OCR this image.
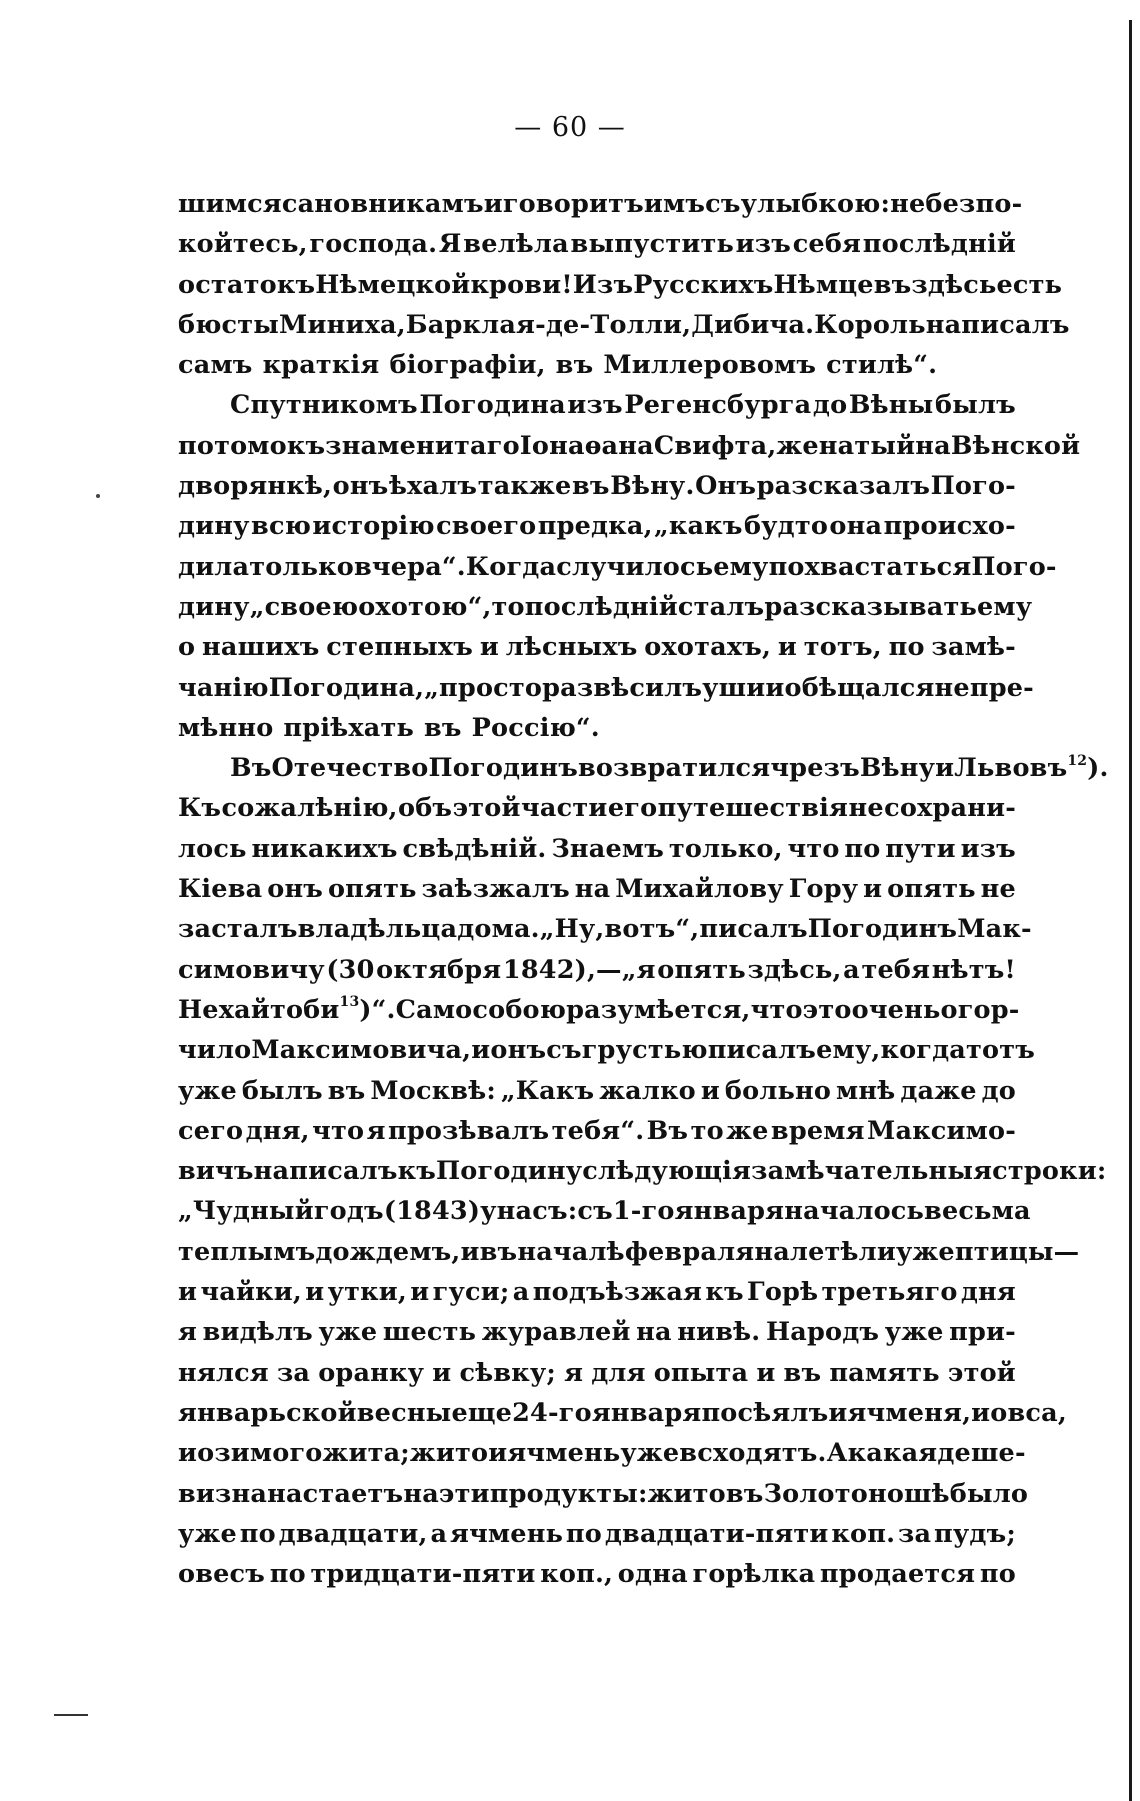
— 60 —
шимся сановникамъ и говоритъ имъ съ улыбкою: не безпо-
койтесь, господа. Я велѣла выпустить изъ себя послѣдній
остатокъ Нѣмецкой крови! Изъ Русскихъ Нѣмцевъ здѣсь есть
бюсты Миниха, Барклая-де-Толли, Дибича. Король написалъ
самъ краткія біографіи, въ Миллеровомъ стилѣ“.
Спутникомъ Погодина изъ Регенсбурга до Вѣны былъ
потомокъ знаменитаго Іонаѳана Свифта, женатый на Вѣнской
дворянкѣ, онъ ѣхалъ также въ Вѣну. Онъ разсказалъ Пого-
дину всю исторію своего предка, „какъ будто она происхо-
дила только вчера“. Когда случилось ему похвастаться Пого-
дину „своею охотою“, то послѣдній сталъ разсказывать ему
о нашихъ степныхъ и лѣсныхъ охотахъ, и тотъ, по замѣ-
чанію Погодина, „просто развѣсилъ уши и обѣщался непре-
мѣнно пріѣхать въ Россію“.
Въ Отечество Погодинъ возвратился чрезъ Вѣну и Львовъ $^{12}$).
Къ сожалѣнію, объ этой части его путешествія не сохрани-
лось никакихъ свѣдѣній. Знаемъ только, что по пути изъ
Кіева онъ опять заѣзжалъ на Михайлову Гору и опять не
засталъ владѣльца дома. „Ну, вотъ“, писалъ Погодинъ Мак-
симовичу (30 октября 1842),—„я опять здѣсь, а тебя нѣтъ!
Нехай тоби $^{13}$)“. Само собою разумѣется, что это очень огор-
чило Максимовича, и онъ съ грустью писалъ ему, когда тотъ
уже былъ въ Москвѣ: „Какъ жалко и больно мнѣ даже до
сего дня, что я прозѣвалъ тебя“. Въ то же время Максимо-
вичъ написалъ къ Погодину слѣдующія замѣчательныя строки:
„Чудный годъ (1843) у насъ: съ 1-го января началось весьма
теплымъ дождемъ, и въ началѣ февраля налетѣли уже птицы —
и чайки, и утки, и гуси; а подъѣзжая къ Горѣ третьяго дня
я видѣлъ уже шесть журавлей на нивѣ. Народъ уже при-
нялся за оранку и сѣвку; я для опыта и въ память этой
январьской весны еще 24-го января посѣялъ и ячменя, и овса,
и озимого жита; жито и ячмень уже всходятъ. А какая деше-
визна настаетъ на эти продукты: жито въ Золотоношѣ было
уже по двадцати, а ячмень по двадцати-пяти коп. за пудъ;
овесъ по тридцати-пяти коп., одна горѣлка продается по
